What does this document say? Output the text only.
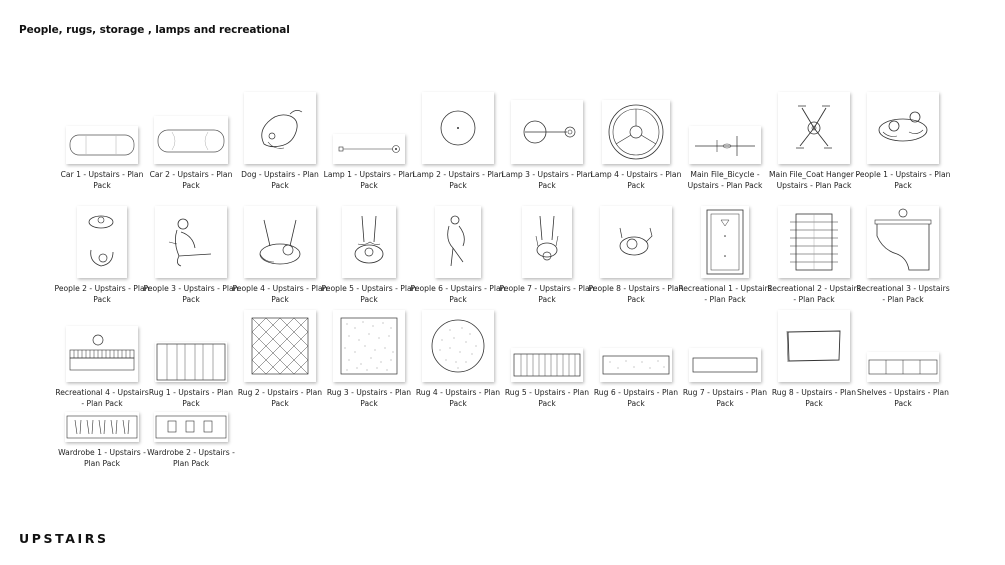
People, rugs, storage , lamps and recreational
Car 1 - Upstairs - Plan Pack
Car 2 - Upstairs - Plan Pack
Dog - Upstairs - Plan Pack
Lamp 1 - Upstairs - Plan Pack
Lamp 2 - Upstairs - Plan Pack
Lamp 3 - Upstairs - Plan Pack
Lamp 4 - Upstairs - Plan Pack
Main File_Bicycle - Upstairs - Plan Pack
Main File_Coat Hanger - Upstairs - Plan Pack
People 1 - Upstairs - Plan Pack
People 2 - Upstairs - Plan Pack
People 3 - Upstairs - Plan Pack
People 4 - Upstairs - Plan Pack
People 5 - Upstairs - Plan Pack
People 6 - Upstairs - Plan Pack
People 7 - Upstairs - Plan Pack
People 8 - Upstairs - Plan Pack
Recreational 1 - Upstairs - Plan Pack
Recreational 2 - Upstairs - Plan Pack
Recreational 3 - Upstairs - Plan Pack
Recreational 4 - Upstairs - Plan Pack
Rug 1 - Upstairs - Plan Pack
Rug 2 - Upstairs - Plan Pack
Rug 3 - Upstairs - Plan Pack
Rug 4 - Upstairs - Plan Pack
Rug 5 - Upstairs - Plan Pack
Rug 6 - Upstairs - Plan Pack
Rug 7 - Upstairs - Plan Pack
Rug 8 - Upstairs - Plan Pack
Shelves - Upstairs - Plan Pack
Wardrobe 1 - Upstairs - Plan Pack
Wardrobe 2 - Upstairs - Plan Pack
UPSTAIRS
